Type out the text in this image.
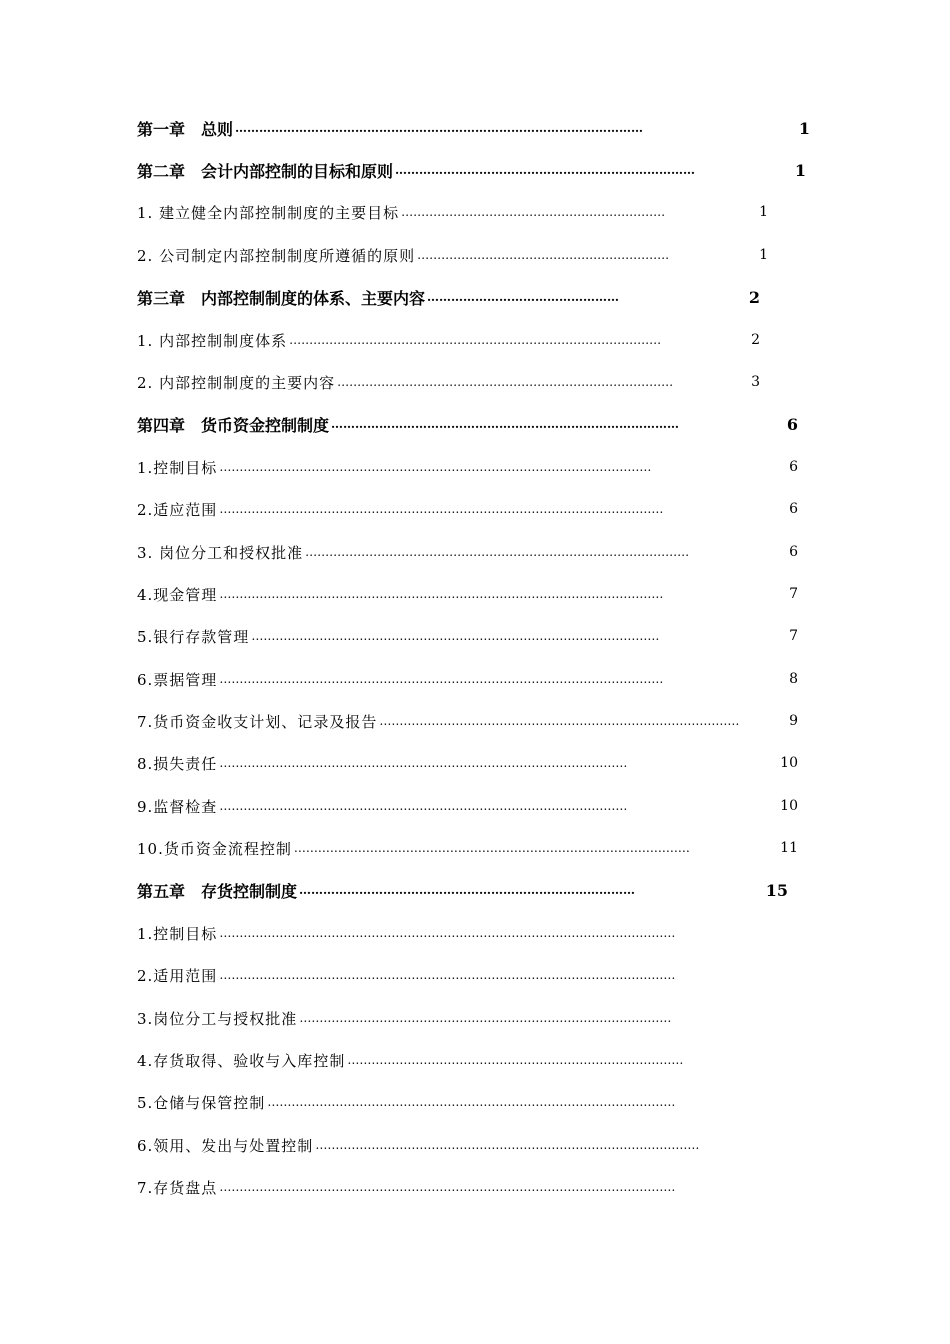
第一章　总则 …………………………………………………………………………………………	1
第二章　会计内部控制的目标和原则 …………………………………………………………………	1
1. 建立健全内部控制制度的主要目标 …………………………………………………………	1
2. 公司制定内部控制制度所遵循的原则 ………………………………………………………	1
第三章　内部控制制度的体系、主要内容 …………………………………………	2
1. 内部控制制度体系 …………………………………………………………………………………	2
2. 内部控制制度的主要内容 …………………………………………………………………………	3
第四章　货币资金控制制度 ……………………………………………………………………………	6
1.控制目标 ………………………………………………………………………………………………	6
2.适应范围 …………………………………………………………………………………………………	6
3. 岗位分工和授权批准 ……………………………………………………………………………………	6
4.现金管理 …………………………………………………………………………………………………	7
5.银行存款管理 …………………………………………………………………………………………	7
6.票据管理 …………………………………………………………………………………………………	8
7.货币资金收支计划、记录及报告 ………………………………………………………………………………	9
8.损失责任 …………………………………………………………………………………………	10
9.监督检查 …………………………………………………………………………………………	10
10.货币资金流程控制 ………………………………………………………………………………………	11
第五章　存货控制制度 …………………………………………………………………………	15
1.控制目标 ……………………………………………………………………………………………………
2.适用范围 ……………………………………………………………………………………………………
3.岗位分工与授权批准 …………………………………………………………………………………
4.存货取得、验收与入库控制 …………………………………………………………………………
5.仓储与保管控制 …………………………………………………………………………………………
6.领用、发出与处置控制 ……………………………………………………………………………………
7.存货盘点 ……………………………………………………………………………………………………
